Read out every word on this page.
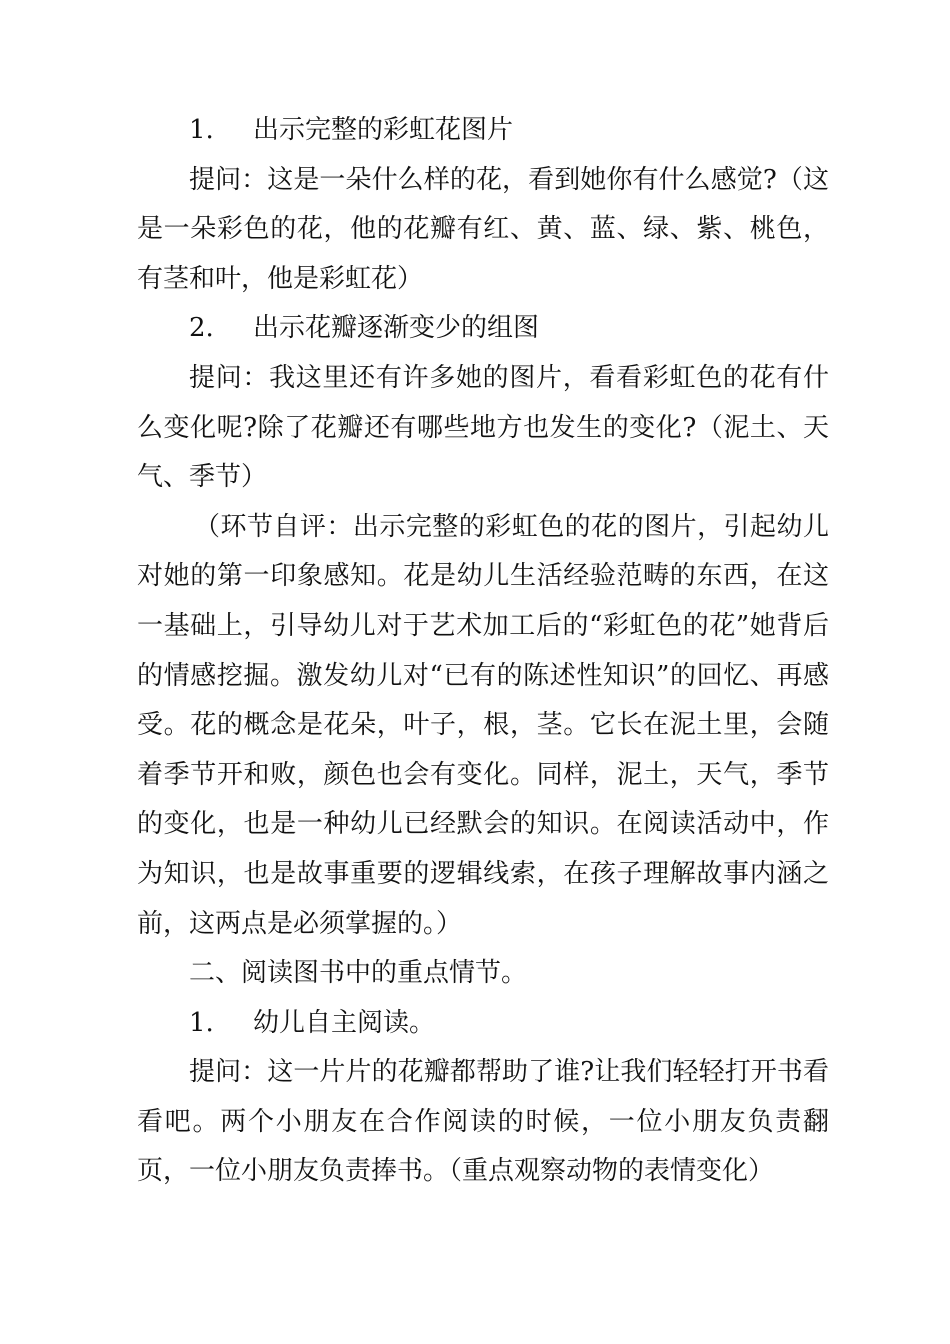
1. 出示完整的彩虹花图片
提问：这是一朵什么样的花，看到她你有什么感觉?（这是一朵彩色的花，他的花瓣有红、黄、蓝、绿、紫、桃色，有茎和叶，他是彩虹花）
2. 出示花瓣逐渐变少的组图
提问：我这里还有许多她的图片，看看彩虹色的花有什么变化呢?除了花瓣还有哪些地方也发生的变化?（泥土、天气、季节）
（环节自评：出示完整的彩虹色的花的图片，引起幼儿对她的第一印象感知。花是幼儿生活经验范畴的东西，在这一基础上，引导幼儿对于艺术加工后的“彩虹色的花”她背后的情感挖掘。激发幼儿对“已有的陈述性知识”的回忆、再感受。花的概念是花朵，叶子，根，茎。它长在泥土里，会随着季节开和败，颜色也会有变化。同样，泥土，天气，季节的变化，也是一种幼儿已经默会的知识。在阅读活动中，作为知识，也是故事重要的逻辑线索，在孩子理解故事内涵之前，这两点是必须掌握的。）
二、阅读图书中的重点情节。
1. 幼儿自主阅读。
提问：这一片片的花瓣都帮助了谁?让我们轻轻打开书看看吧。两个小朋友在合作阅读的时候，一位小朋友负责翻页，一位小朋友负责捧书。（重点观察动物的表情变化）
